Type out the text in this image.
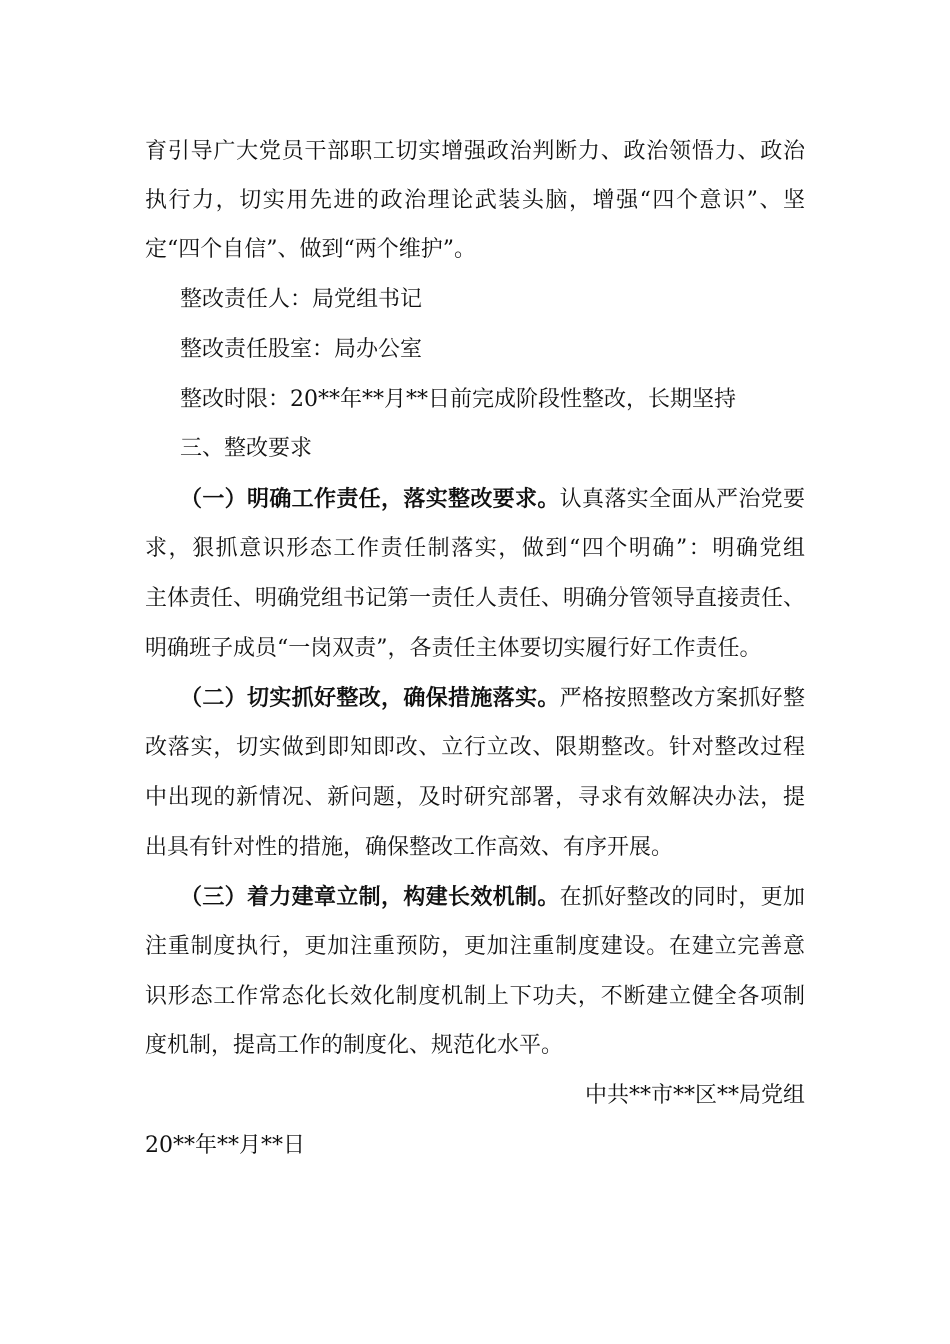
育引导广大党员干部职工切实增强政治判断力、政治领悟力、政治
执行力，切实用先进的政治理论武装头脑，增强“四个意识”、坚
定“四个自信”、做到“两个维护”。
整改责任人：局党组书记
整改责任股室：局办公室
整改时限：20**年**月**日前完成阶段性整改，长期坚持
三、整改要求
（一）明确工作责任，落实整改要求。认真落实全面从严治党要
求，狠抓意识形态工作责任制落实，做到“四个明确”：明确党组
主体责任、明确党组书记第一责任人责任、明确分管领导直接责任、
明确班子成员“一岗双责”，各责任主体要切实履行好工作责任。
（二）切实抓好整改，确保措施落实。严格按照整改方案抓好整
改落实，切实做到即知即改、立行立改、限期整改。针对整改过程
中出现的新情况、新问题，及时研究部署，寻求有效解决办法，提
出具有针对性的措施，确保整改工作高效、有序开展。
（三）着力建章立制，构建长效机制。在抓好整改的同时，更加
注重制度执行，更加注重预防，更加注重制度建设。在建立完善意
识形态工作常态化长效化制度机制上下功夫，不断建立健全各项制
度机制，提高工作的制度化、规范化水平。
中共**市**区**局党组
20**年**月**日
